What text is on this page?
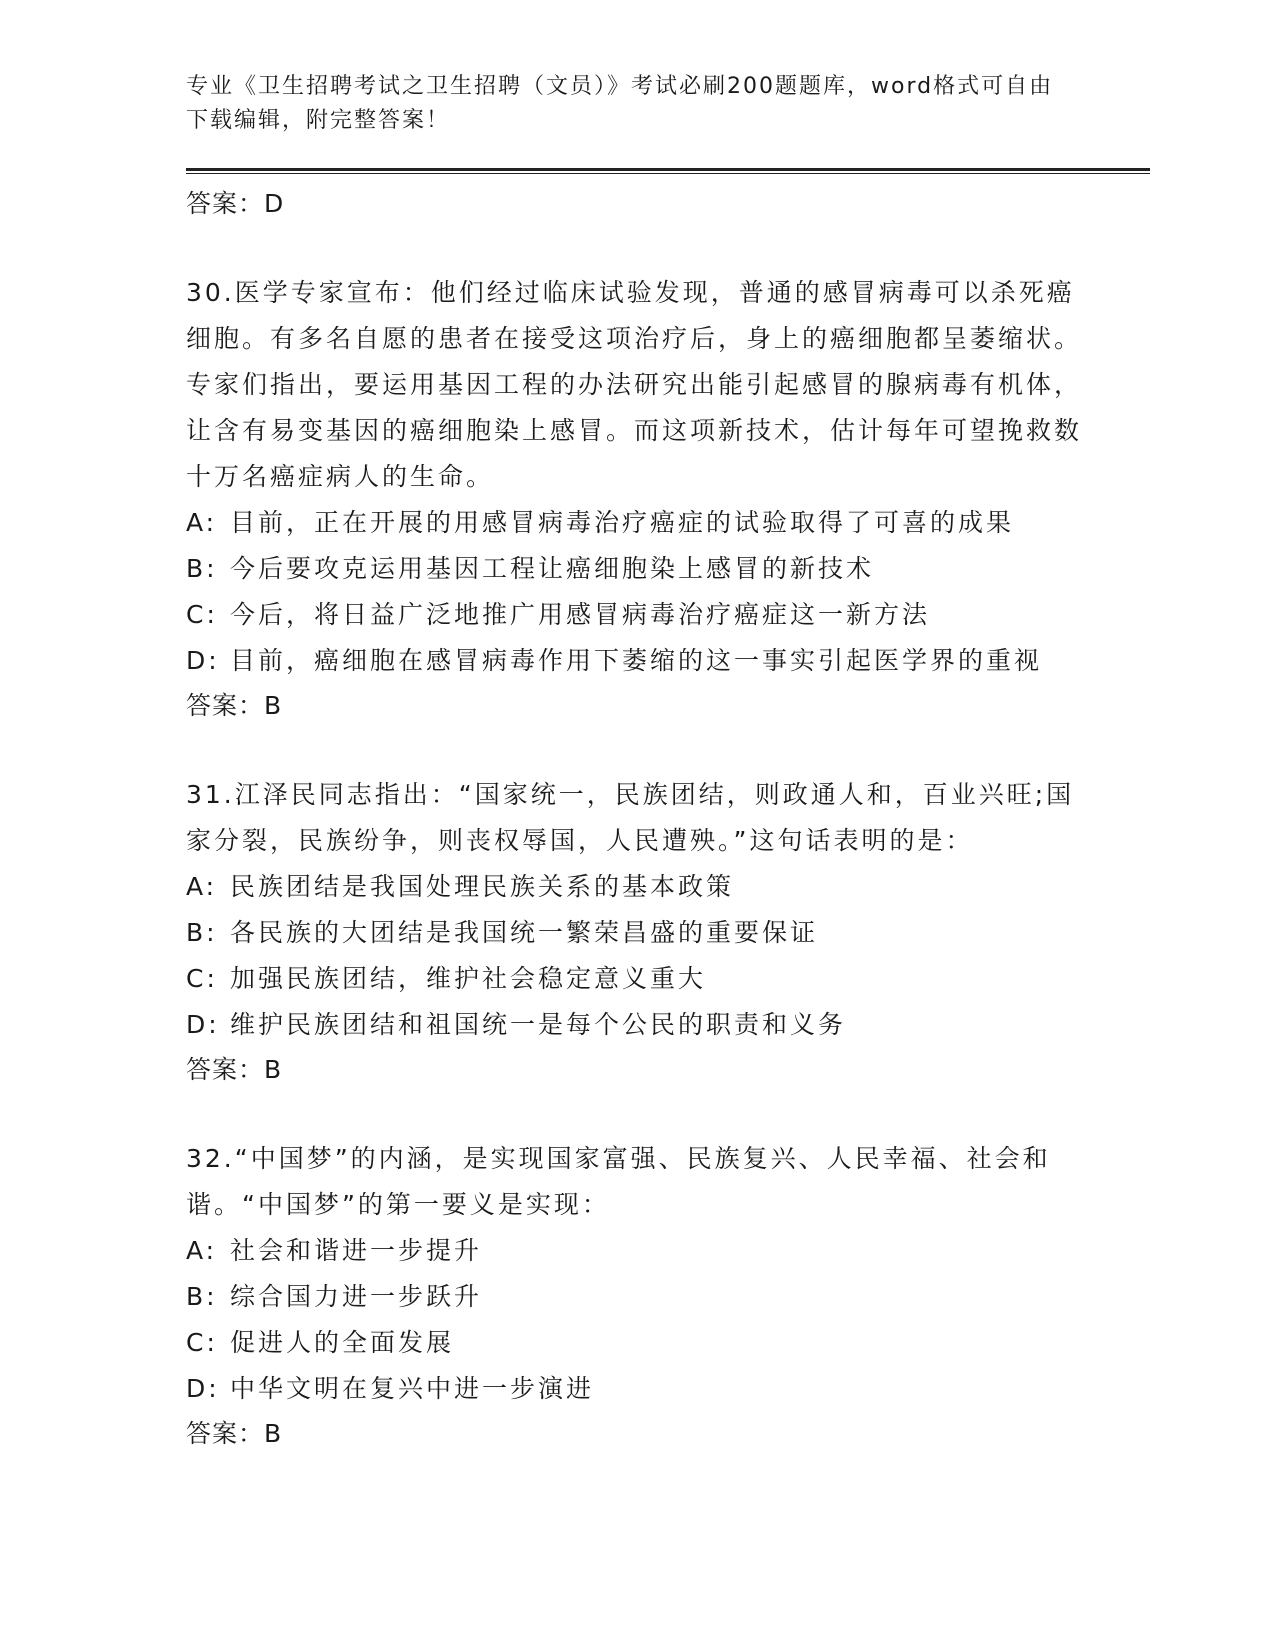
专业《卫生招聘考试之卫生招聘（文员）》考试必刷200题题库，word格式可自由下载编辑，附完整答案！

答案：D

30.医学专家宣布：他们经过临床试验发现，普通的感冒病毒可以杀死癌细胞。有多名自愿的患者在接受这项治疗后，身上的癌细胞都呈萎缩状。专家们指出，要运用基因工程的办法研究出能引起感冒的腺病毒有机体，让含有易变基因的癌细胞染上感冒。而这项新技术，估计每年可望挽救数十万名癌症病人的生命。

A: 目前，正在开展的用感冒病毒治疗癌症的试验取得了可喜的成果

B: 今后要攻克运用基因工程让癌细胞染上感冒的新技术

C: 今后，将日益广泛地推广用感冒病毒治疗癌症这一新方法

D: 目前，癌细胞在感冒病毒作用下萎缩的这一事实引起医学界的重视

答案：B

31.江泽民同志指出：“国家统一，民族团结，则政通人和，百业兴旺;国家分裂，民族纷争，则丧权辱国，人民遭殃。”这句话表明的是：

A: 民族团结是我国处理民族关系的基本政策

B: 各民族的大团结是我国统一繁荣昌盛的重要保证

C: 加强民族团结，维护社会稳定意义重大

D: 维护民族团结和祖国统一是每个公民的职责和义务

答案：B

32.“中国梦”的内涵，是实现国家富强、民族复兴、人民幸福、社会和谐。“中国梦”的第一要义是实现：

A: 社会和谐进一步提升

B: 综合国力进一步跃升

C: 促进人的全面发展

D: 中华文明在复兴中进一步演进

答案：B
